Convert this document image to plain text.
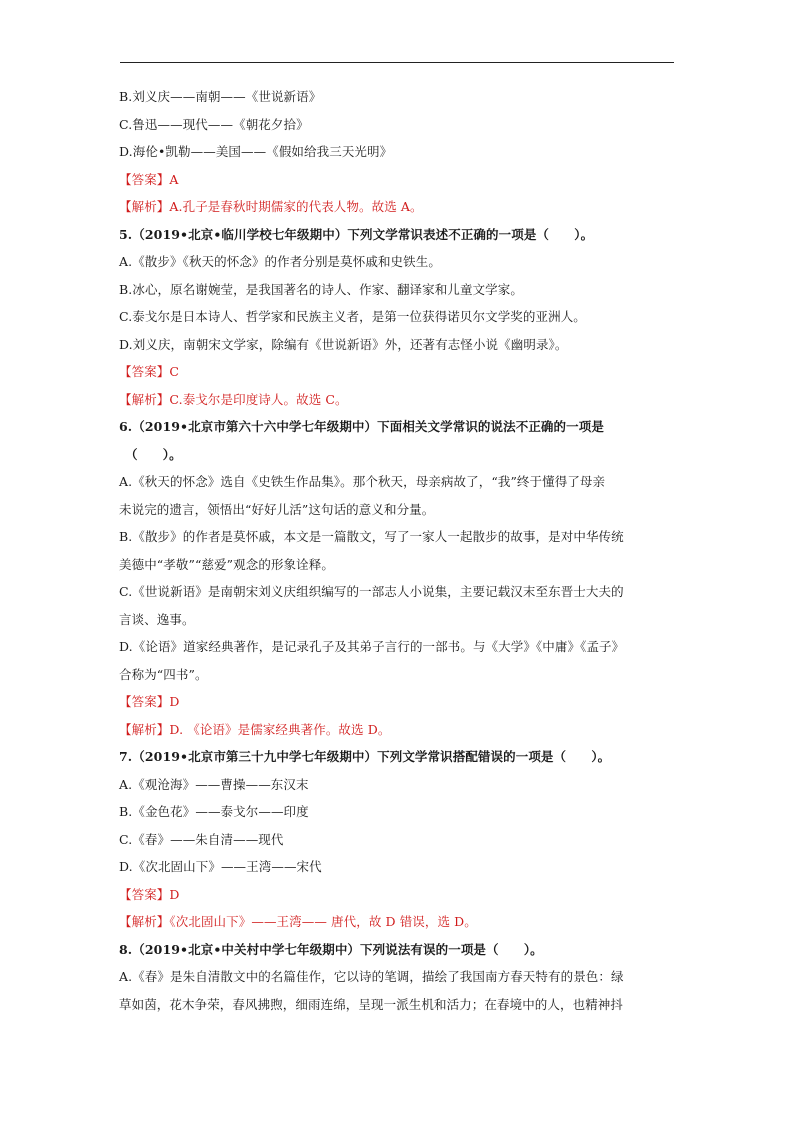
B.刘义庆——南朝——《世说新语》
C.鲁迅——现代——《朝花夕拾》
D.海伦•凯勒——美国——《假如给我三天光明》
【答案】A
【解析】A.孔子是春秋时期儒家的代表人物。故选 A。
5.（2019•北京•临川学校七年级期中）下列文学常识表述不正确的一项是（　　）。
A.《散步》《秋天的怀念》的作者分别是莫怀戚和史铁生。
B.冰心，原名谢婉莹，是我国著名的诗人、作家、翻译家和儿童文学家。
C.泰戈尔是日本诗人、哲学家和民族主义者，是第一位获得诺贝尔文学奖的亚洲人。
D.刘义庆，南朝宋文学家，除编有《世说新语》外，还著有志怪小说《幽明录》。
【答案】C
【解析】C.泰戈尔是印度诗人。故选 C。
6.（2019•北京市第六十六中学七年级期中）下面相关文学常识的说法不正确的一项是
（　　）。
A.《秋天的怀念》选自《史铁生作品集》。那个秋天，母亲病故了，“我”终于懂得了母亲
未说完的遗言，领悟出“好好儿活”这句话的意义和分量。
B.《散步》的作者是莫怀戚，本文是一篇散文，写了一家人一起散步的故事，是对中华传统
美德中“孝敬”“慈爱”观念的形象诠释。
C.《世说新语》是南朝宋刘义庆组织编写的一部志人小说集，主要记载汉末至东晋士大夫的
言谈、逸事。
D.《论语》道家经典著作，是记录孔子及其弟子言行的一部书。与《大学》《中庸》《孟子》
合称为“四书”。
【答案】D
【解析】D. 《论语》是儒家经典著作。故选 D。
7.（2019•北京市第三十九中学七年级期中）下列文学常识搭配错误的一项是（　　）。
A.《观沧海》——曹操——东汉末
B.《金色花》——泰戈尔——印度
C.《春》——朱自清——现代
D.《次北固山下》——王湾——宋代
【答案】D
【解析】《次北固山下》——王湾—— 唐代，故 D 错误，选 D。
8.（2019•北京•中关村中学七年级期中）下列说法有误的一项是（　　）。
A.《春》是朱自清散文中的名篇佳作，它以诗的笔调，描绘了我国南方春天特有的景色：绿
草如茵，花木争荣，春风拂煦，细雨连绵，呈现一派生机和活力；在春境中的人，也精神抖
